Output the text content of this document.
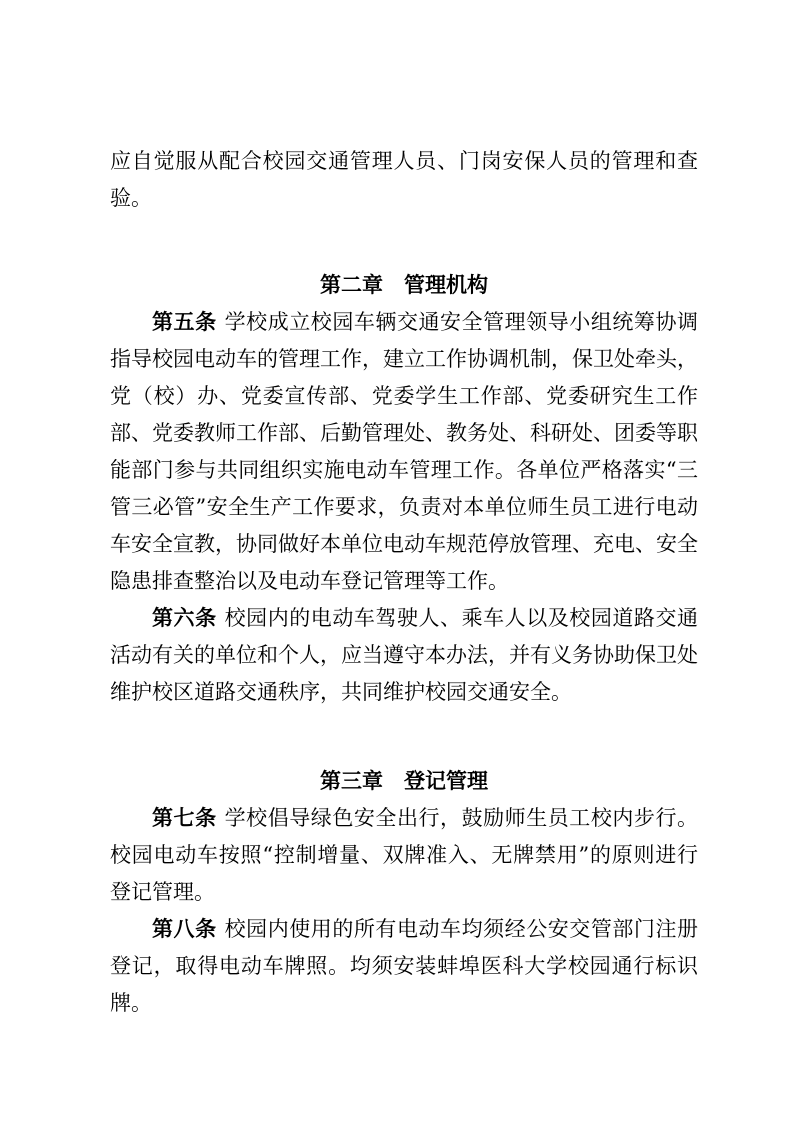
应自觉服从配合校园交通管理人员、门岗安保人员的管理和查验。

第二章 管理机构

第五条 学校成立校园车辆交通安全管理领导小组统筹协调指导校园电动车的管理工作，建立工作协调机制，保卫处牵头，党（校）办、党委宣传部、党委学生工作部、党委研究生工作部、党委教师工作部、后勤管理处、教务处、科研处、团委等职能部门参与共同组织实施电动车管理工作。各单位严格落实“三管三必管”安全生产工作要求，负责对本单位师生员工进行电动车安全宣教，协同做好本单位电动车规范停放管理、充电、安全隐患排查整治以及电动车登记管理等工作。

第六条 校园内的电动车驾驶人、乘车人以及校园道路交通活动有关的单位和个人，应当遵守本办法，并有义务协助保卫处维护校区道路交通秩序，共同维护校园交通安全。

第三章 登记管理

第七条 学校倡导绿色安全出行，鼓励师生员工校内步行。校园电动车按照“控制增量、双牌准入、无牌禁用”的原则进行登记管理。

第八条 校园内使用的所有电动车均须经公安交管部门注册登记，取得电动车牌照。均须安装蚌埠医科大学校园通行标识牌。
